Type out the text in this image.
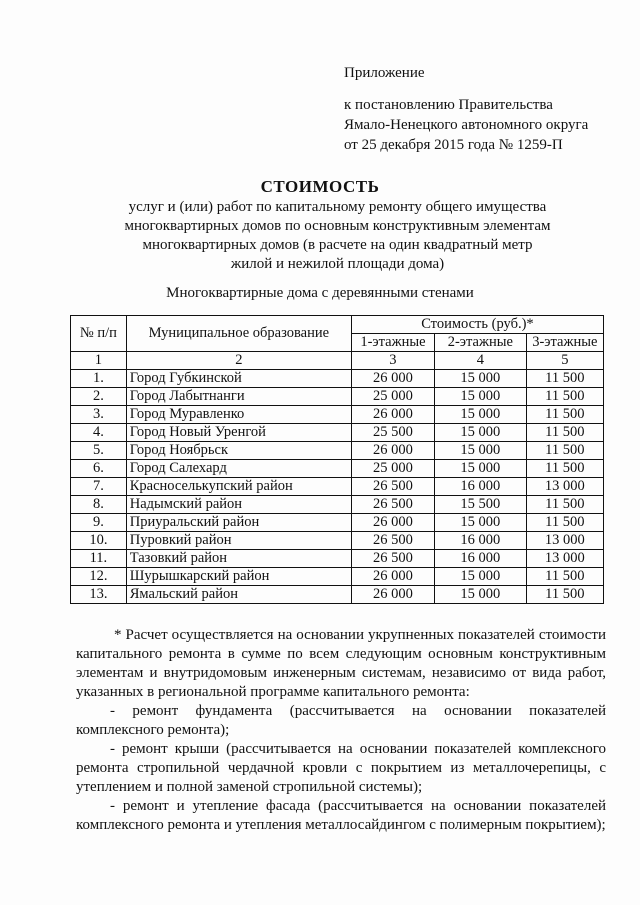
Приложение
к постановлению Правительства
Ямало-Ненецкого автономного округа
от 25 декабря 2015 года № 1259-П
СТОИМОСТЬ
услуг и (или) работ по капитальному ремонту общего имущества
многоквартирных домов по основным конструктивным элементам
многоквартирных домов (в расчете на один квадратный метр
жилой и нежилой площади дома)
Многоквартирные дома с деревянными стенами
№ п/п	Муниципальное образование	Стоимость (руб.)*		
		1-этажные	2-этажные	3-этажные
1	2	3	4	5
1.	Город Губкинской	26 000	15 000	11 500
2.	Город Лабытнанги	25 000	15 000	11 500
3.	Город Муравленко	26 000	15 000	11 500
4.	Город Новый Уренгой	25 500	15 000	11 500
5.	Город Ноябрьск	26 000	15 000	11 500
6.	Город Салехард	25 000	15 000	11 500
7.	Красноселькупский район	26 500	16 000	13 000
8.	Надымский район	26 500	15 500	11 500
9.	Приуральский район	26 000	15 000	11 500
10.	Пуровкий район	26 500	16 000	13 000
11.	Тазовкий район	26 500	16 000	13 000
12.	Шурышкарский район	26 000	15 000	11 500
13.	Ямальский район	26 000	15 000	11 500

* Расчет осуществляется на основании укрупненных показателей стоимости капитального ремонта в сумме по всем следующим основным конструктивным элементам и внутридомовым инженерным системам, независимо от вида работ, указанных в региональной программе капитального ремонта:

- ремонт фундамента (рассчитывается на основании показателей комплексного ремонта);

- ремонт крыши (рассчитывается на основании показателей комплексного ремонта стропильной чердачной кровли с покрытием из металлочерепицы, с утеплением и полной заменой стропильной системы);

- ремонт и утепление фасада (рассчитывается на основании показателей комплексного ремонта и утепления металлосайдингом с полимерным покрытием);
